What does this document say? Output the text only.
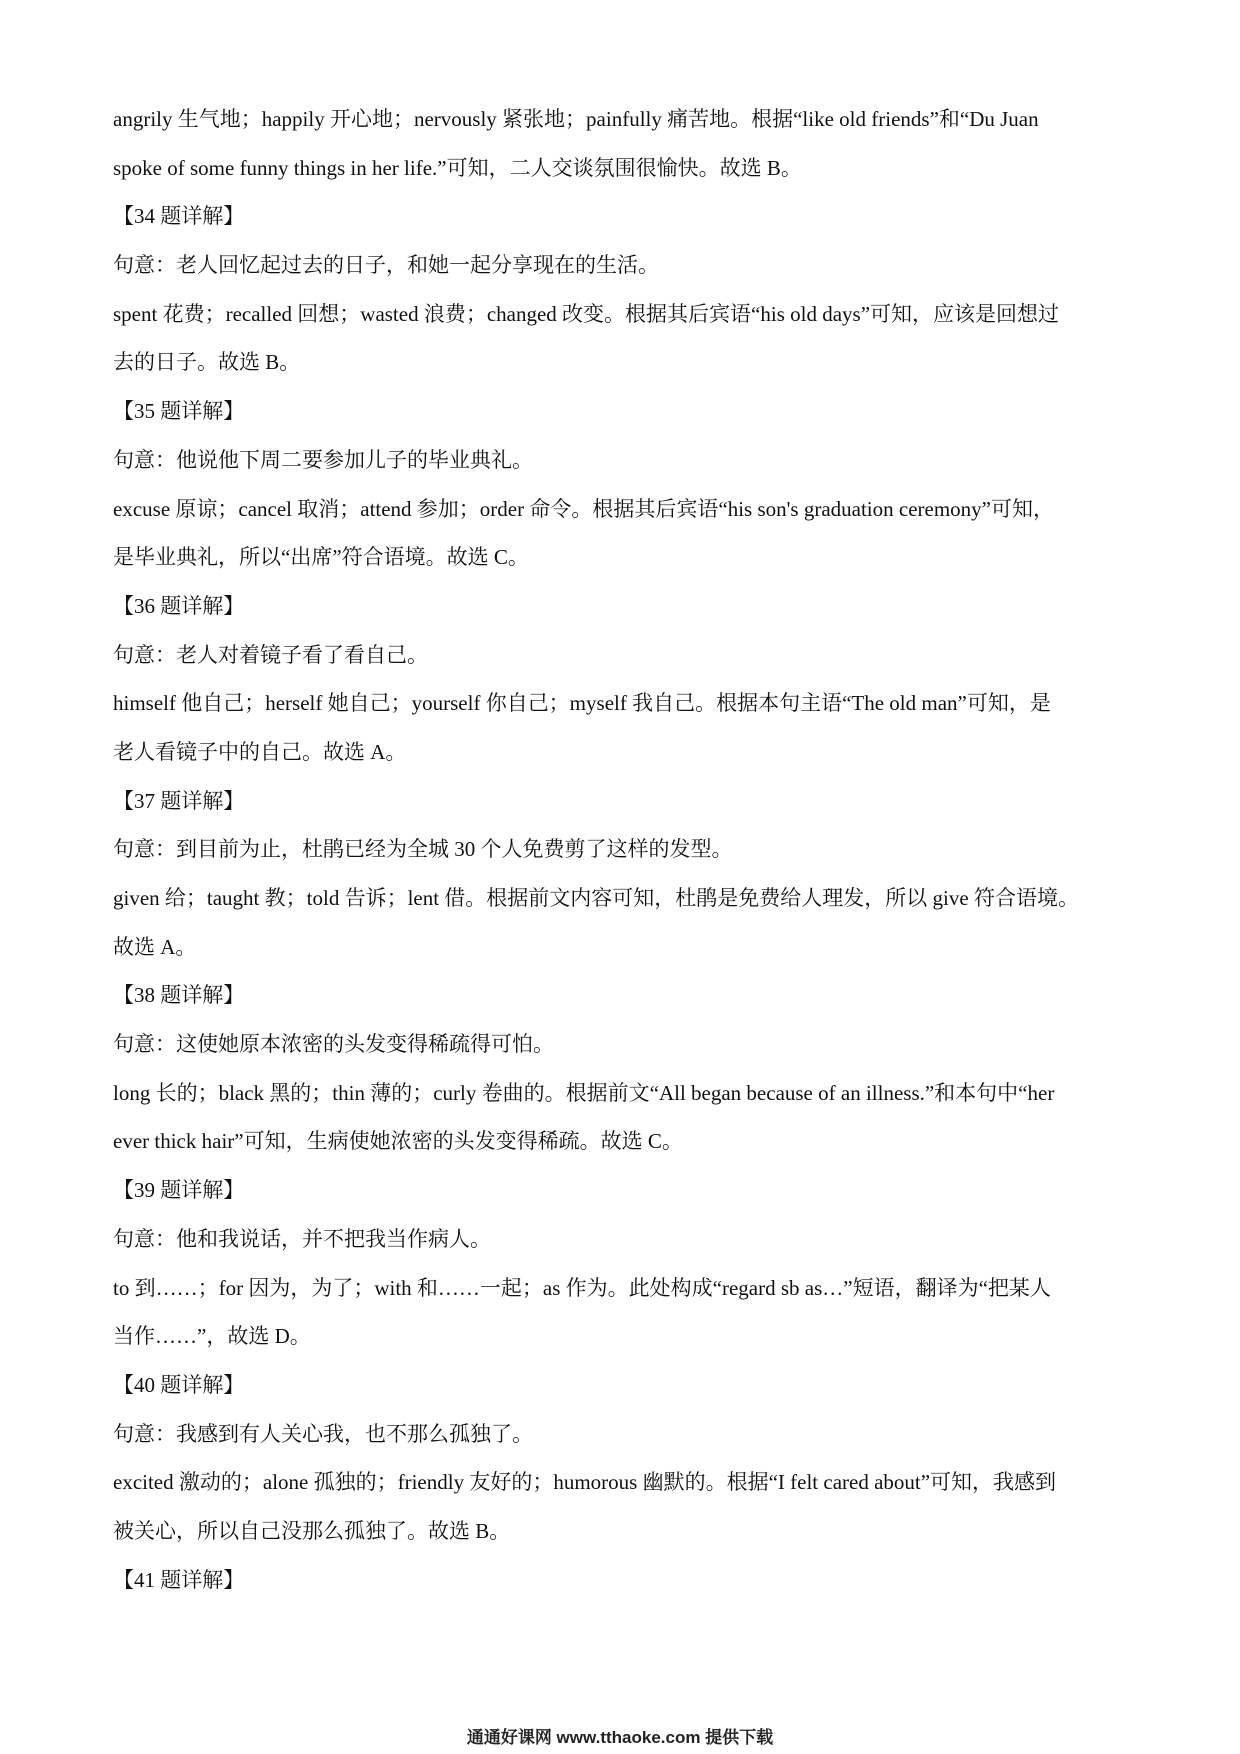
angrily 生气地；happily 开心地；nervously 紧张地；painfully 痛苦地。根据“like old friends”和“Du Juan
spoke of some funny things in her life.”可知，二人交谈氛围很愉快。故选 B。
【34 题详解】
句意：老人回忆起过去的日子，和她一起分享现在的生活。
spent 花费；recalled 回想；wasted 浪费；changed 改变。根据其后宾语“his old days”可知，应该是回想过
去的日子。故选 B。
【35 题详解】
句意：他说他下周二要参加儿子的毕业典礼。
excuse 原谅；cancel 取消；attend 参加；order 命令。根据其后宾语“his son's graduation ceremony”可知，
是毕业典礼，所以“出席”符合语境。故选 C。
【36 题详解】
句意：老人对着镜子看了看自己。
himself 他自己；herself 她自己；yourself 你自己；myself 我自己。根据本句主语“The old man”可知，是
老人看镜子中的自己。故选 A。
【37 题详解】
句意：到目前为止，杜鹃已经为全城 30 个人免费剪了这样的发型。
given 给；taught 教；told 告诉；lent 借。根据前文内容可知，杜鹃是免费给人理发，所以 give 符合语境。
故选 A。
【38 题详解】
句意：这使她原本浓密的头发变得稀疏得可怕。
long 长的；black 黑的；thin 薄的；curly 卷曲的。根据前文“All began because of an illness.”和本句中“her
ever thick hair”可知，生病使她浓密的头发变得稀疏。故选 C。
【39 题详解】
句意：他和我说话，并不把我当作病人。
to 到……；for 因为，为了；with 和……一起；as 作为。此处构成“regard sb as…”短语，翻译为“把某人
当作……”，故选 D。
【40 题详解】
句意：我感到有人关心我，也不那么孤独了。
excited 激动的；alone 孤独的；friendly 友好的；humorous 幽默的。根据“I felt cared about”可知，我感到
被关心，所以自己没那么孤独了。故选 B。
【41 题详解】
通通好课网 www.tthaoke.com 提供下载
